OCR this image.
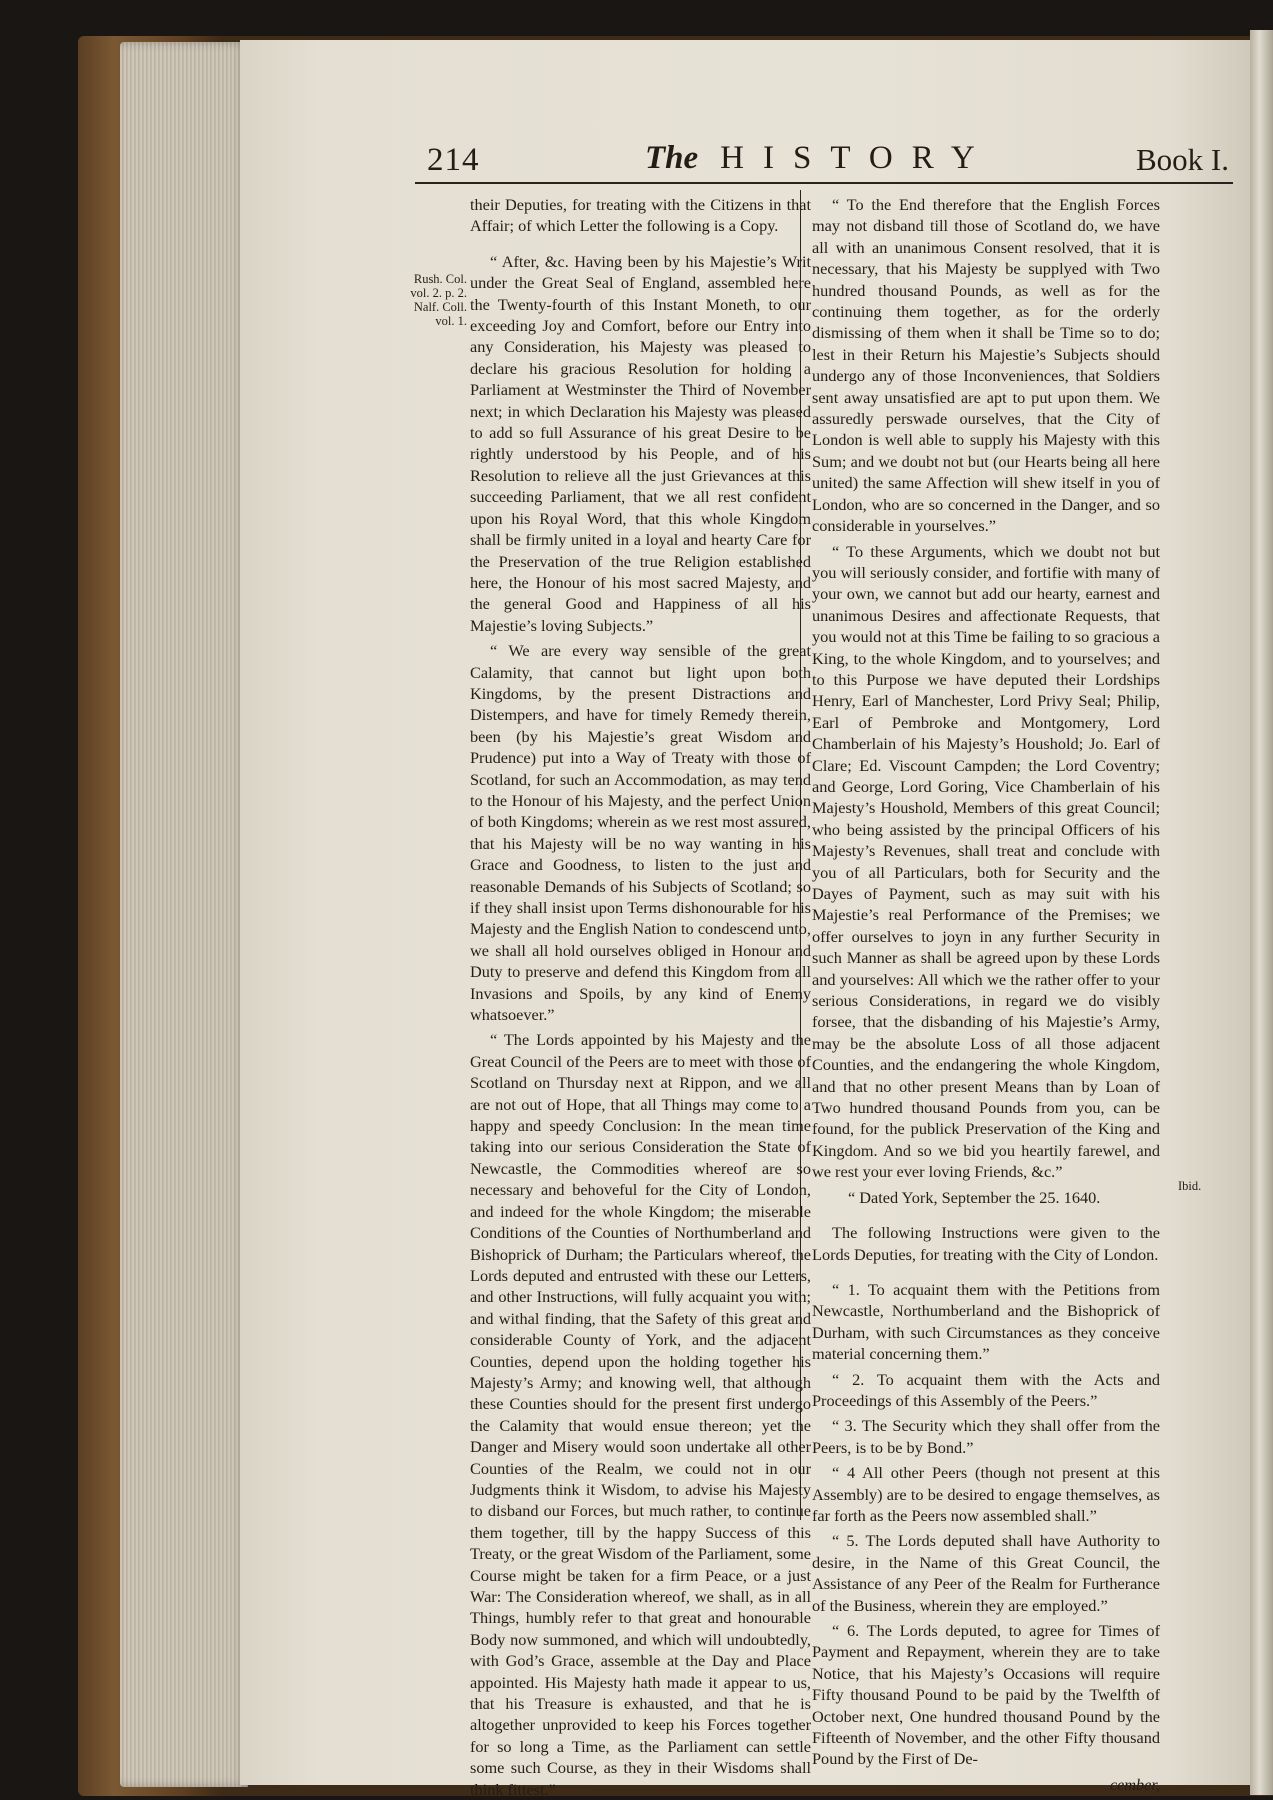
214	The HISTORY	Book I.
Rush. Col.
vol. 2. p. 2.
Nalf. Coll.
vol. 1.
Ibid.

their Deputies, for treating with the Citizens in that Affair; of which Letter the following is a Copy.

“ After, &c. Having been by his Majestie’s Writ under the Great Seal of England, assembled here the Twenty-fourth of this Instant Moneth, to our exceeding Joy and Comfort, before our Entry into any Consideration, his Majesty was pleased to declare his gracious Resolution for holding a Parliament at Westminster the Third of November next; in which Declaration his Majesty was pleased to add so full Assurance of his great Desire to be rightly understood by his People, and of his Resolution to relieve all the just Grievances at this succeeding Parliament, that we all rest confident upon his Royal Word, that this whole Kingdom shall be firmly united in a loyal and hearty Care for the Preservation of the true Religion established here, the Honour of his most sacred Majesty, and the general Good and Happiness of all his Majestie’s loving Subjects.”

“ We are every way sensible of the great Calamity, that cannot but light upon both Kingdoms, by the present Distractions and Distempers, and have for timely Remedy therein, been (by his Majestie’s great Wisdom and Prudence) put into a Way of Treaty with those of Scotland, for such an Accommodation, as may tend to the Honour of his Majesty, and the perfect Union of both Kingdoms; wherein as we rest most assured, that his Majesty will be no way wanting in his Grace and Goodness, to listen to the just and reasonable Demands of his Subjects of Scotland; so if they shall insist upon Terms dishonourable for his Majesty and the English Nation to condescend unto, we shall all hold ourselves obliged in Honour and Duty to preserve and defend this Kingdom from all Invasions and Spoils, by any kind of Enemy whatsoever.”

“ The Lords appointed by his Majesty and the Great Council of the Peers are to meet with those of Scotland on Thursday next at Rippon, and we all are not out of Hope, that all Things may come to a happy and speedy Conclusion: In the mean time taking into our serious Consideration the State of Newcastle, the Commodities whereof are so necessary and behoveful for the City of London, and indeed for the whole Kingdom; the miserable Conditions of the Counties of Northumberland and Bishoprick of Durham; the Particulars whereof, the Lords deputed and entrusted with these our Letters, and other Instructions, will fully acquaint you with; and withal finding, that the Safety of this great and considerable County of York, and the adjacent Counties, depend upon the holding together his Majesty’s Army; and knowing well, that although these Counties should for the present first undergo the Calamity that would ensue thereon; yet the Danger and Misery would soon undertake all other Counties of the Realm, we could not in our Judgments think it Wisdom, to advise his Majesty to disband our Forces, but much rather, to continue them together, till by the happy Success of this Treaty, or the great Wisdom of the Parliament, some Course might be taken for a firm Peace, or a just War: The Consideration whereof, we shall, as in all Things, humbly refer to that great and honourable Body now summoned, and which will undoubtedly, with God’s Grace, assemble at the Day and Place appointed. His Majesty hath made it appear to us, that his Treasure is exhausted, and that he is altogether unprovided to keep his Forces together for so long a Time, as the Parliament can settle some such Course, as they in their Wisdoms shall think fittest.”

“ To the End therefore that the English Forces may not disband till those of Scotland do, we have all with an unanimous Consent resolved, that it is necessary, that his Majesty be supplyed with Two hundred thousand Pounds, as well as for the continuing them together, as for the orderly dismissing of them when it shall be Time so to do; lest in their Return his Majestie’s Subjects should undergo any of those Inconveniences, that Soldiers sent away unsatisfied are apt to put upon them. We assuredly perswade ourselves, that the City of London is well able to supply his Majesty with this Sum; and we doubt not but (our Hearts being all here united) the same Affection will shew itself in you of London, who are so concerned in the Danger, and so considerable in yourselves.”

“ To these Arguments, which we doubt not but you will seriously consider, and fortifie with many of your own, we cannot but add our hearty, earnest and unanimous Desires and affectionate Requests, that you would not at this Time be failing to so gracious a King, to the whole Kingdom, and to yourselves; and to this Purpose we have deputed their Lordships Henry, Earl of Manchester, Lord Privy Seal; Philip, Earl of Pembroke and Montgomery, Lord Chamberlain of his Majesty’s Houshold; Jo. Earl of Clare; Ed. Viscount Campden; the Lord Coventry; and George, Lord Goring, Vice Chamberlain of his Majesty’s Houshold, Members of this great Council; who being assisted by the principal Officers of his Majesty’s Revenues, shall treat and conclude with you of all Particulars, both for Security and the Dayes of Payment, such as may suit with his Majestie’s real Performance of the Premises; we offer ourselves to joyn in any further Security in such Manner as shall be agreed upon by these Lords and yourselves: All which we the rather offer to your serious Considerations, in regard we do visibly forsee, that the disbanding of his Majestie’s Army, may be the absolute Loss of all those adjacent Counties, and the endangering the whole Kingdom, and that no other present Means than by Loan of Two hundred thousand Pounds from you, can be found, for the publick Preservation of the King and Kingdom. And so we bid you heartily farewel, and we rest your ever loving Friends, &c.”

“ Dated York, September the 25. 1640.

The following Instructions were given to the Lords Deputies, for treating with the City of London.

“ 1. To acquaint them with the Petitions from Newcastle, Northumberland and the Bishoprick of Durham, with such Circumstances as they conceive material concerning them.”

“ 2. To acquaint them with the Acts and Proceedings of this Assembly of the Peers.”

“ 3. The Security which they shall offer from the Peers, is to be by Bond.”

“ 4 All other Peers (though not present at this Assembly) are to be desired to engage themselves, as far forth as the Peers now assembled shall.”

“ 5. The Lords deputed shall have Authority to desire, in the Name of this Great Council, the Assistance of any Peer of the Realm for Furtherance of the Business, wherein they are employed.”

“ 6. The Lords deputed, to agree for Times of Payment and Repayment, wherein they are to take Notice, that his Majesty’s Occasions will require Fifty thousand Pound to be paid by the Twelfth of October next, One hundred thousand Pound by the Fifteenth of November, and the other Fifty thousand Pound by the First of De-

cember,
